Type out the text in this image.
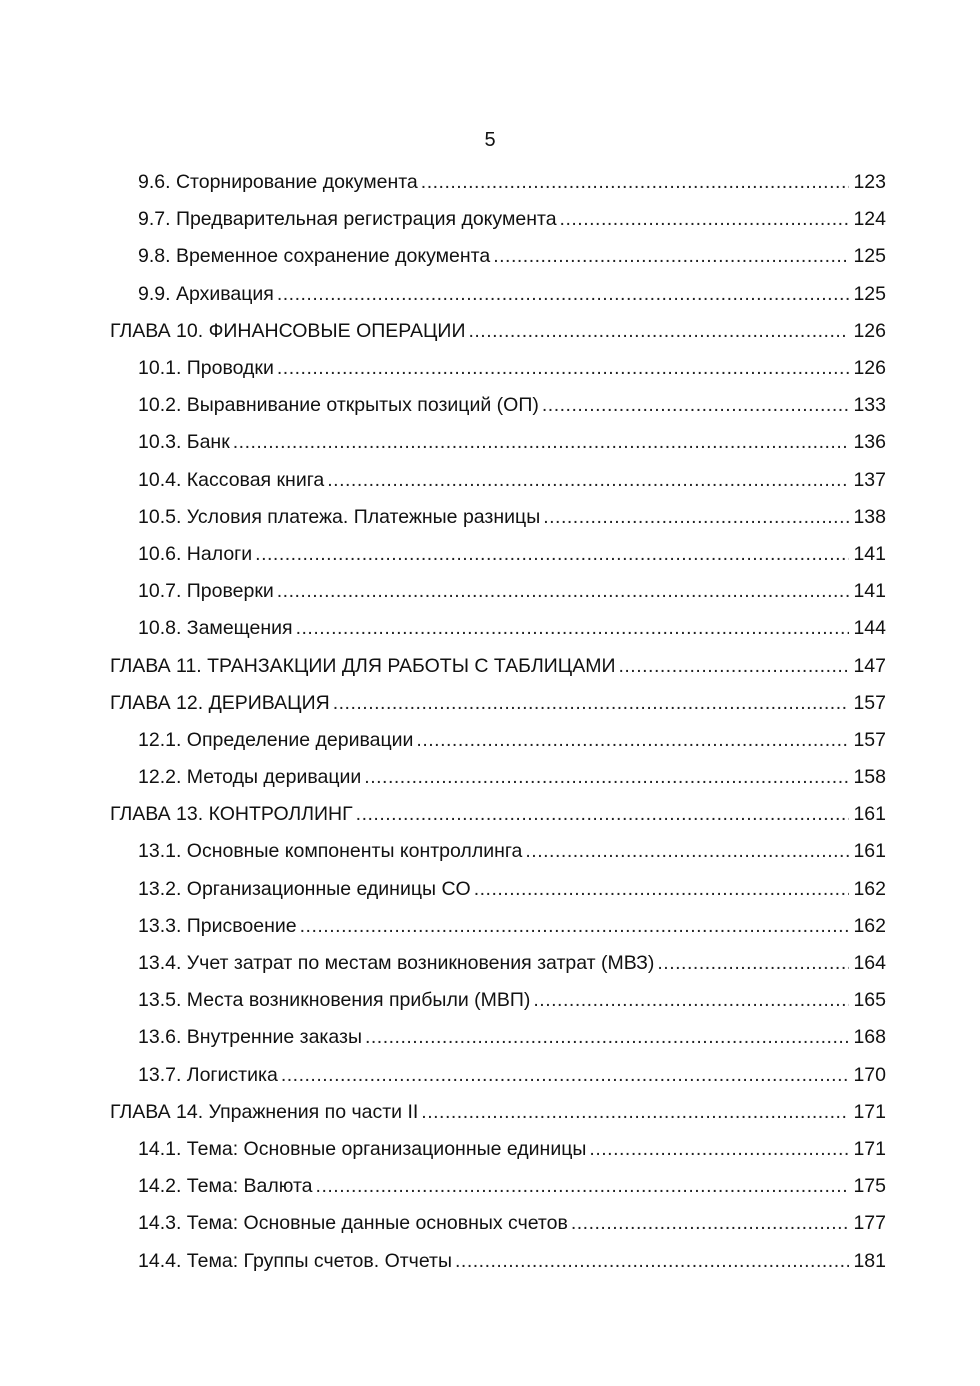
5
9.6. Сторнирование документа .....	123
9.7. Предварительная регистрация документа .....	124
9.8. Временное сохранение документа .....	125
9.9. Архивация .....	125
ГЛАВА 10. ФИНАНСОВЫЕ ОПЕРАЦИИ .....	126
10.1. Проводки .....	126
10.2. Выравнивание открытых позиций (ОП) .....	133
10.3. Банк .....	136
10.4. Кассовая книга .....	137
10.5. Условия платежа. Платежные разницы .....	138
10.6. Налоги .....	141
10.7. Проверки .....	141
10.8. Замещения .....	144
ГЛАВА 11. ТРАНЗАКЦИИ ДЛЯ РАБОТЫ С ТАБЛИЦАМИ .....	147
ГЛАВА 12. ДЕРИВАЦИЯ .....	157
12.1. Определение деривации .....	157
12.2. Методы деривации .....	158
ГЛАВА 13. КОНТРОЛЛИНГ .....	161
13.1. Основные компоненты контроллинга .....	161
13.2. Организационные единицы CO .....	162
13.3. Присвоение .....	162
13.4. Учет затрат по местам возникновения затрат (МВЗ) .....	164
13.5. Места возникновения прибыли (МВП) .....	165
13.6. Внутренние заказы .....	168
13.7. Логистика .....	170
ГЛАВА 14. Упражнения по части II .....	171
14.1. Тема: Основные организационные единицы .....	171
14.2. Тема: Валюта .....	175
14.3. Тема: Основные данные основных счетов .....	177
14.4. Тема: Группы счетов. Отчеты .....	181
